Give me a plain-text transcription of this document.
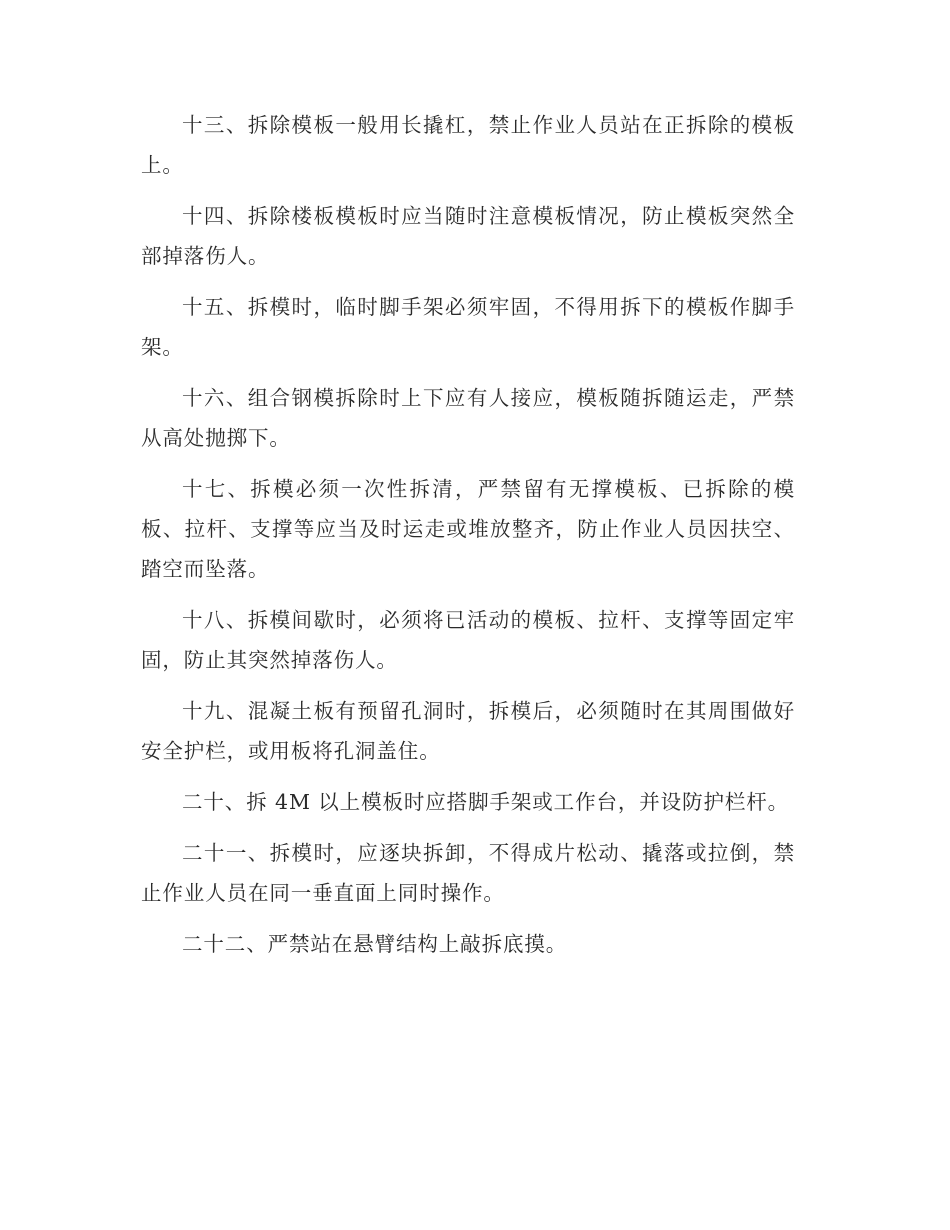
十三、拆除模板一般用长撬杠，禁止作业人员站在正拆除的模板上。

十四、拆除楼板模板时应当随时注意模板情况，防止模板突然全部掉落伤人。

十五、拆模时，临时脚手架必须牢固，不得用拆下的模板作脚手架。

十六、组合钢模拆除时上下应有人接应，模板随拆随运走，严禁从高处抛掷下。

十七、拆模必须一次性拆清，严禁留有无撑模板、已拆除的模板、拉杆、支撑等应当及时运走或堆放整齐，防止作业人员因扶空、踏空而坠落。

十八、拆模间歇时，必须将已活动的模板、拉杆、支撑等固定牢固，防止其突然掉落伤人。

十九、混凝土板有预留孔洞时，拆模后，必须随时在其周围做好安全护栏，或用板将孔洞盖住。

二十、拆 4M 以上模板时应搭脚手架或工作台，并设防护栏杆。

二十一、拆模时，应逐块拆卸，不得成片松动、撬落或拉倒，禁止作业人员在同一垂直面上同时操作。

二十二、严禁站在悬臂结构上敲拆底摸。
